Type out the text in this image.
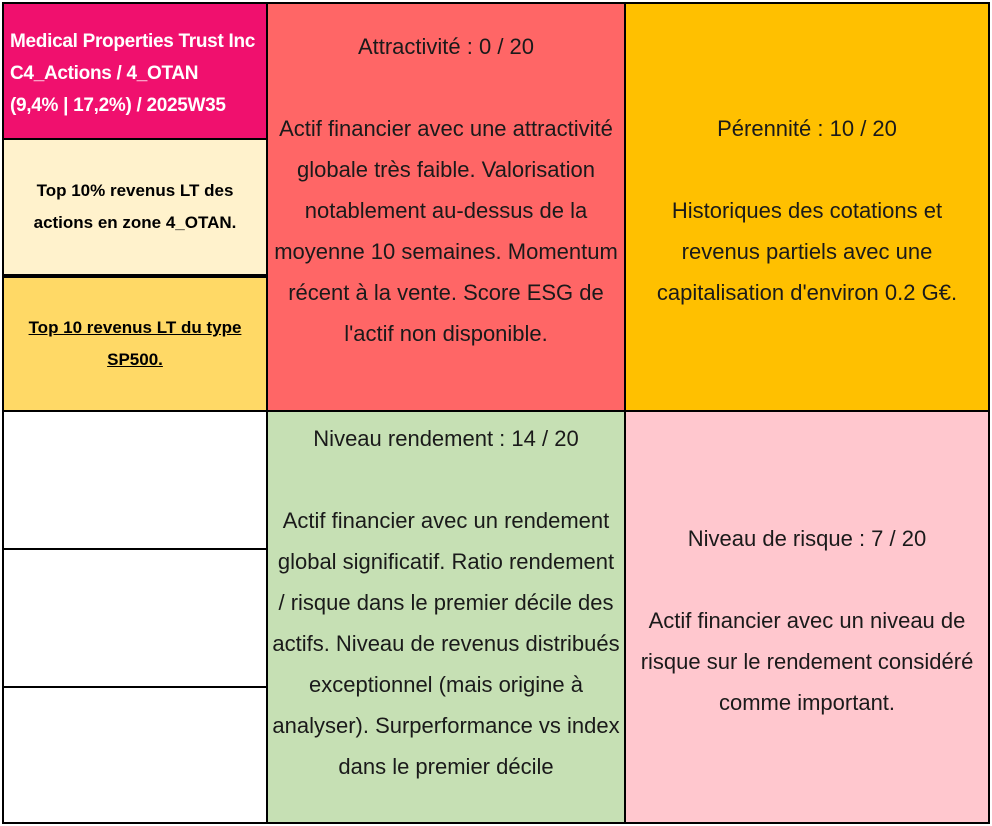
Medical Properties Trust Inc
C4_Actions / 4_OTAN
(9,4% | 17,2%) / 2025W35
Top 10% revenus LT des actions en zone 4_OTAN.
Top 10 revenus LT du type SP500.
Attractivité : 0 / 20
Actif financier avec une attractivité globale très faible. Valorisation notablement au-dessus de la moyenne 10 semaines. Momentum récent à la vente. Score ESG de l'actif non disponible.
Pérennité : 10 / 20
Historiques des cotations et revenus partiels avec une capitalisation d'environ 0.2 G€.
Niveau rendement : 14 / 20
Actif financier avec un rendement global significatif. Ratio rendement / risque dans le premier décile des actifs. Niveau de revenus distribués exceptionnel (mais origine à analyser). Surperformance vs index dans le premier décile
Niveau de risque : 7 / 20
Actif financier avec un niveau de risque sur le rendement considéré comme important.
